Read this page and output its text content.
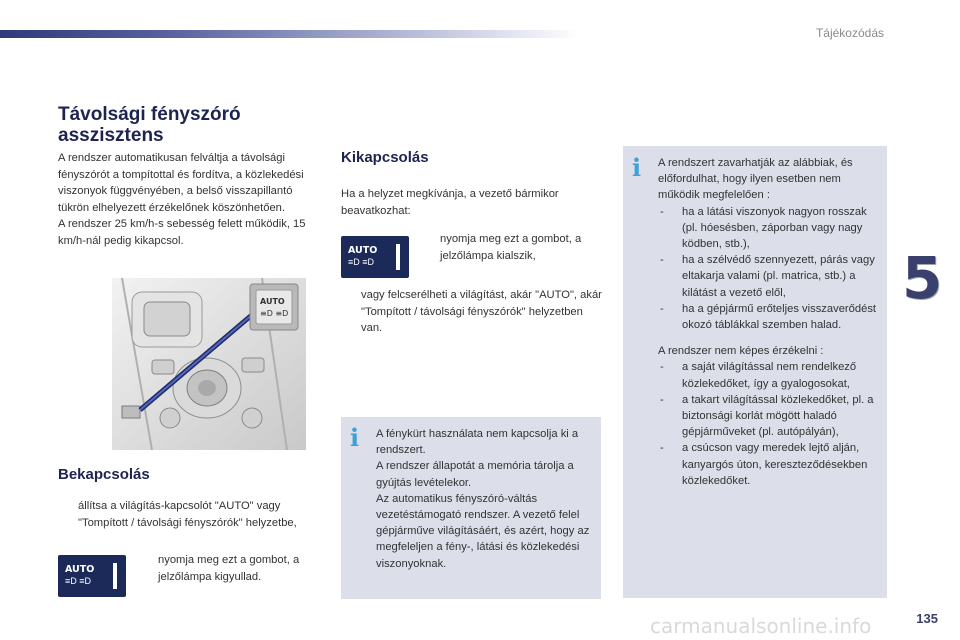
Tájékozódás
5
Távolsági fényszóró
asszisztens

A rendszer automatikusan felváltja a távolsági fényszórót a tompítottal és fordítva, a közlekedési viszonyok függvényében, a belső visszapillantó tükrön elhelyezett érzékelőnek köszönhetően.

A rendszer 25 km/h-s sebesség felett működik, 15 km/h-nál pedig kikapcsol.

AUTO
≡D ≡D
Bekapcsolás
állítsa a világítás-kapcsolót "AUTO" vagy "Tompított / távolsági fényszórók" helyzetbe,
AUTO
≡D ≡D
nyomja meg ezt a gombot, a jelzőlámpa kigyullad.
Kikapcsolás
Ha a helyzet megkívánja, a vezető bármikor beavatkozhat:
AUTO
≡D ≡D
nyomja meg ezt a gombot, a jelzőlámpa kialszik,
vagy felcserélheti a világítást, akár "AUTO", akár "Tompított / távolsági fényszórók" helyzetben van.
i A fénykürt használata nem kapcsolja ki a rendszert.

A rendszer állapotát a memória tárolja a gyújtás levételekor.

Az automatikus fényszóró-váltás vezetéstámogató rendszer. A vezető felel gépjárműve világításáért, és azért, hogy az megfeleljen a fény-, látási és közlekedési viszonyoknak.

i A rendszert zavarhatják az alábbiak, és előfordulhat, hogy ilyen esetben nem működik megfelelően :

- ha a látási viszonyok nagyon rosszak (pl. hóesésben, záporban vagy nagy ködben, stb.),
- ha a szélvédő szennyezett, párás vagy eltakarja valami (pl. matrica, stb.) a kilátást a vezető elől,
- ha a gépjármű erőteljes visszaverődést okozó táblákkal szemben halad.

A rendszer nem képes érzékelni :

- a saját világítással nem rendelkező közlekedőket, így a gyalogosokat,
- a takart világítással közlekedőket, pl. a biztonsági korlát mögött haladó gépjárműveket (pl. autópályán),
- a csúcson vagy meredek lejtő alján, kanyargós úton, kereszteződésekben közlekedőket.
carmanualsonline.info	135
